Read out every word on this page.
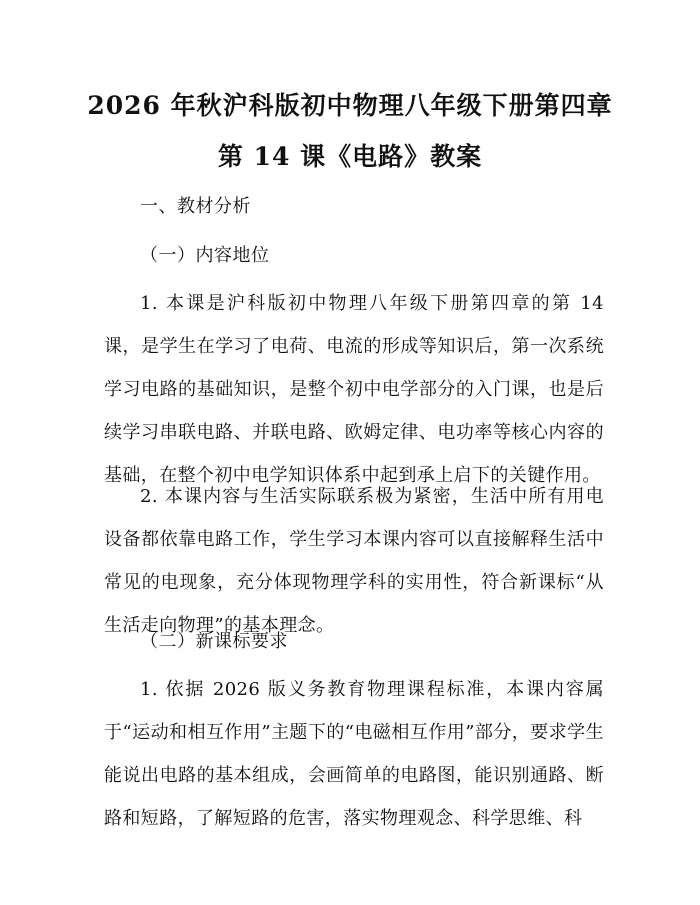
2026 年秋沪科版初中物理八年级下册第四章
第 14 课《电路》教案
一、教材分析
（一）内容地位

1. 本课是沪科版初中物理八年级下册第四章的第 14 课，是学生在学习了电荷、电流的形成等知识后，第一次系统学习电路的基础知识，是整个初中电学部分的入门课，也是后续学习串联电路、并联电路、欧姆定律、电功率等核心内容的基础，在整个初中电学知识体系中起到承上启下的关键作用。

2. 本课内容与生活实际联系极为紧密，生活中所有用电设备都依靠电路工作，学生学习本课内容可以直接解释生活中常见的电现象，充分体现物理学科的实用性，符合新课标“从生活走向物理”的基本理念。

（二）新课标要求

1. 依据 2026 版义务教育物理课程标准，本课内容属于“运动和相互作用”主题下的“电磁相互作用”部分，要求学生能说出电路的基本组成，会画简单的电路图，能识别通路、断路和短路，了解短路的危害，落实物理观念、科学思维、科
